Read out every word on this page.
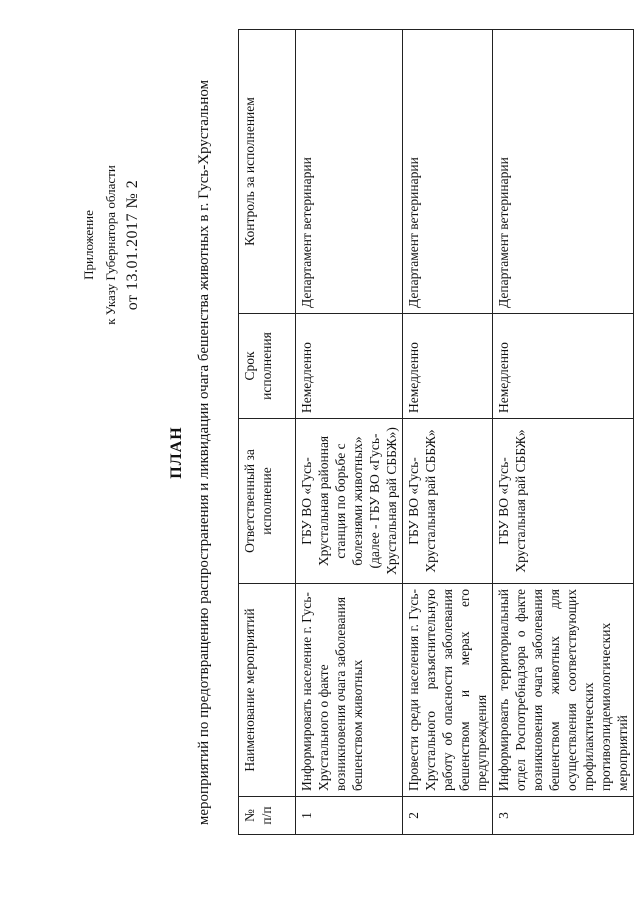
Приложение к Указу Губернатора области от 13.01.2017 № 2
ПЛАН мероприятий по предотвращению распространения и ликвидации очага бешенства животных в г. Гусь-Хрустальном № п/п	Наименование мероприятий	Ответственный за исполнение	Срок исполнения	Контроль за исполнением
1	Информировать население г. Гусь-Хрустального о факте возникновения очага заболевания бешенством животных	ГБУ ВО «Гусь-Хрустальная районная станция по борьбе с болезнями животных» (далее - ГБУ ВО «Гусь-Хрустальная рай СББЖ»)	Немедленно	Департамент ветеринарии
2	Провести среди населения г. Гусь-Хрустального разъяснительную работу об опасности заболевания бешенством и мерах его предупреждения	ГБУ ВО «Гусь-Хрустальная рай СББЖ»	Немедленно	Департамент ветеринарии
3	Информировать территориальный отдел Роспотребнадзора о факте возникновения очага заболевания бешенством животных для осуществления соответствующих профилактических противоэпидемиологических мероприятий	ГБУ ВО «Гусь-Хрустальная рай СББЖ»	Немедленно	Департамент ветеринарии
